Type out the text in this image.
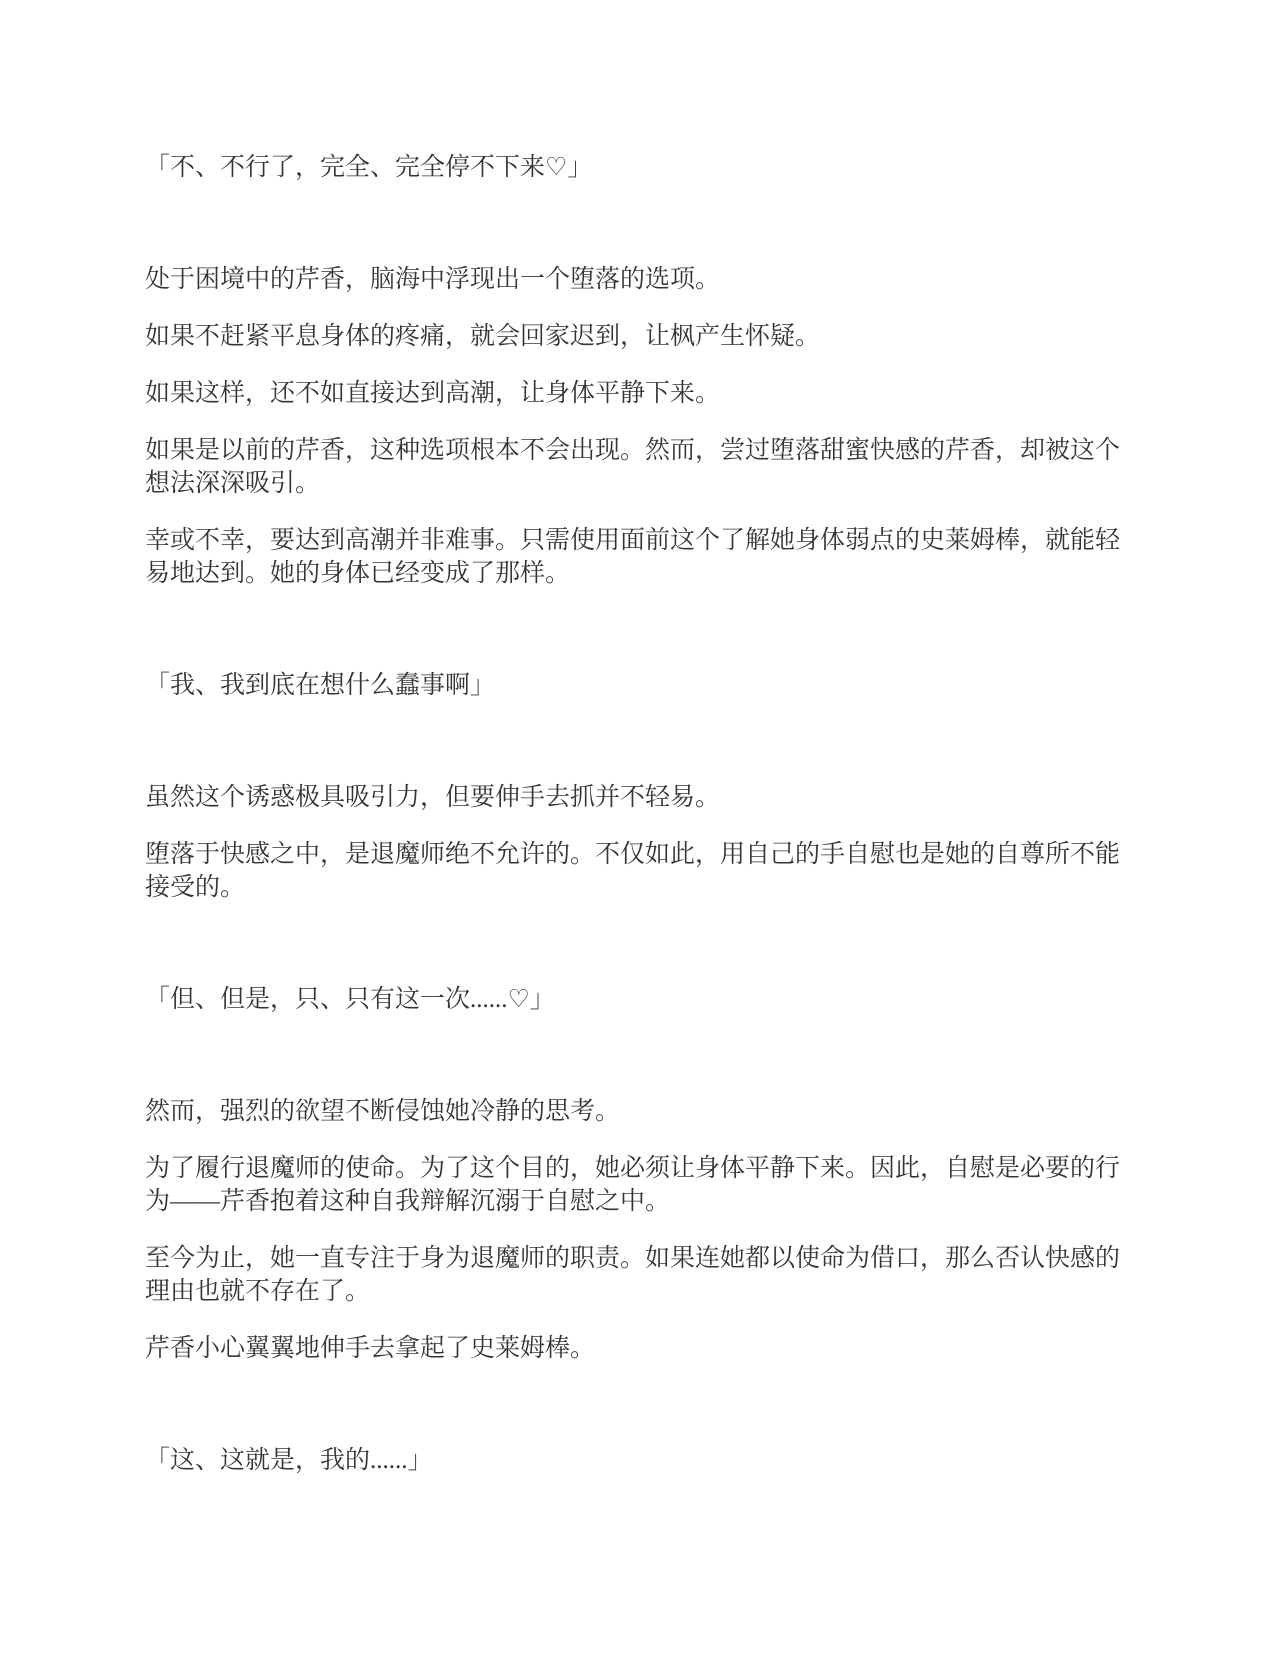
「不、不行了，完全、完全停不下来♡」

处于困境中的芹香，脑海中浮现出一个堕落的选项。

如果不赶紧平息身体的疼痛，就会回家迟到，让枫产生怀疑。

如果这样，还不如直接达到高潮，让身体平静下来。

如果是以前的芹香，这种选项根本不会出现。然而，尝过堕落甜蜜快感的芹香，却被这个想法深深吸引。

幸或不幸，要达到高潮并非难事。只需使用面前这个了解她身体弱点的史莱姆棒，就能轻易地达到。她的身体已经变成了那样。

「我、我到底在想什么蠢事啊」

虽然这个诱惑极具吸引力，但要伸手去抓并不轻易。

堕落于快感之中，是退魔师绝不允许的。不仅如此，用自己的手自慰也是她的自尊所不能接受的。

「但、但是，只、只有这一次......♡」

然而，强烈的欲望不断侵蚀她冷静的思考。

为了履行退魔师的使命。为了这个目的，她必须让身体平静下来。因此，自慰是必要的行为——芹香抱着这种自我辩解沉溺于自慰之中。

至今为止，她一直专注于身为退魔师的职责。如果连她都以使命为借口，那么否认快感的理由也就不存在了。

芹香小心翼翼地伸手去拿起了史莱姆棒。

「这、这就是，我的......」
